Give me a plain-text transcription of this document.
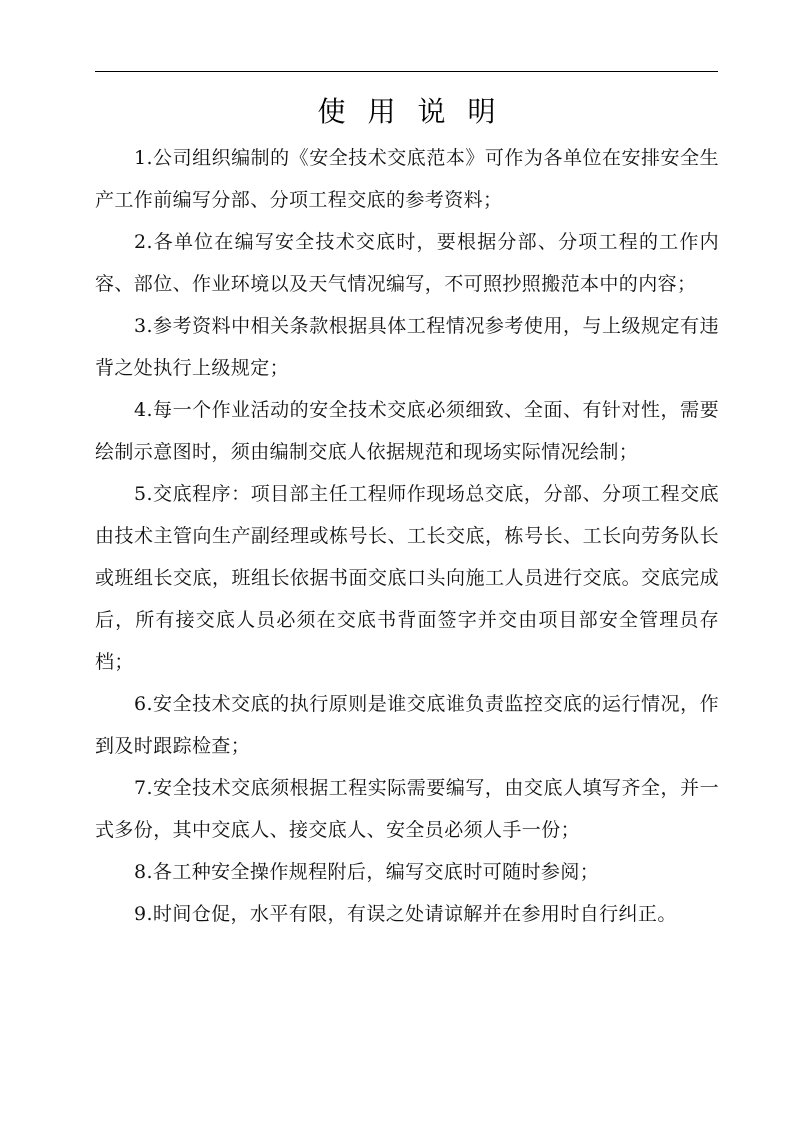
使用说明

1.公司组织编制的《安全技术交底范本》可作为各单位在安排安全生产工作前编写分部、分项工程交底的参考资料；

2.各单位在编写安全技术交底时，要根据分部、分项工程的工作内容、部位、作业环境以及天气情况编写，不可照抄照搬范本中的内容；

3.参考资料中相关条款根据具体工程情况参考使用，与上级规定有违背之处执行上级规定；

4.每一个作业活动的安全技术交底必须细致、全面、有针对性，需要绘制示意图时，须由编制交底人依据规范和现场实际情况绘制；

5.交底程序：项目部主任工程师作现场总交底，分部、分项工程交底由技术主管向生产副经理或栋号长、工长交底，栋号长、工长向劳务队长或班组长交底，班组长依据书面交底口头向施工人员进行交底。交底完成后，所有接交底人员必须在交底书背面签字并交由项目部安全管理员存档；

6.安全技术交底的执行原则是谁交底谁负责监控交底的运行情况，作到及时跟踪检查；

7.安全技术交底须根据工程实际需要编写，由交底人填写齐全，并一式多份，其中交底人、接交底人、安全员必须人手一份；

8.各工种安全操作规程附后，编写交底时可随时参阅；

9.时间仓促，水平有限，有误之处请谅解并在参用时自行纠正。
